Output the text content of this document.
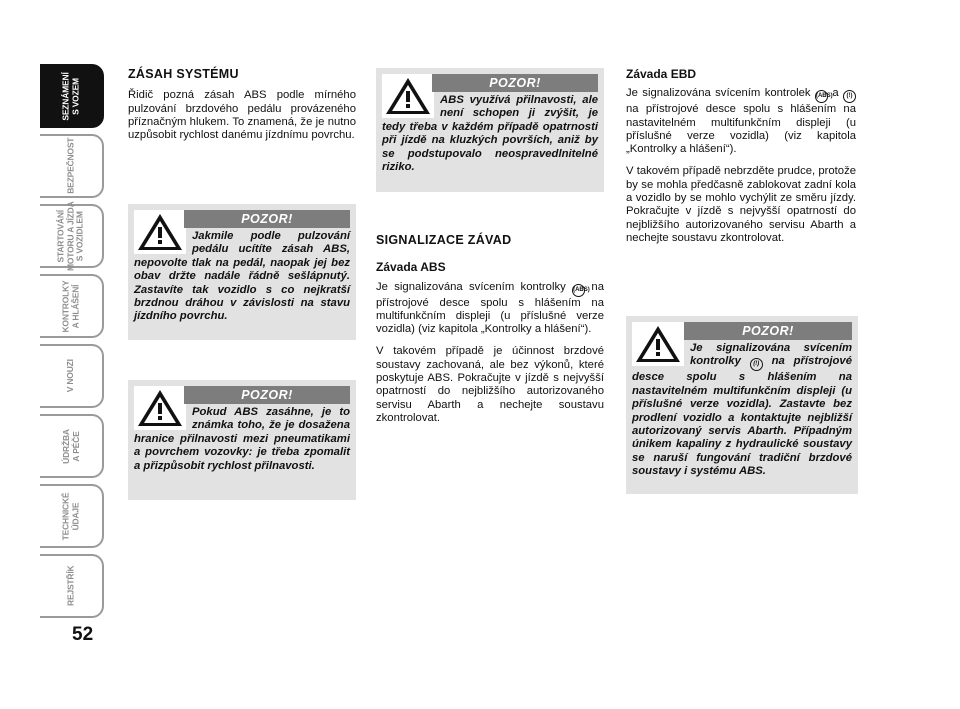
SEZNÁMENÍ
S VOZEM
BEZPEČNOST
STARTOVÁNÍ
MOTORU A JÍZDA
S VOZIDLEM
KONTROLKY
A HLÁŠENÍ
V NOUZI
ÚDRŽBA
A PÉČE
TECHNICKÉ
ÚDAJE
REJSTŘÍK
52
ZÁSAH SYSTÉMU

Řidič pozná zásah ABS podle mírného pulzování brzdového pedálu provázeného příznačným hlukem. To znamená, že je nutno uzpůsobit rychlost danému jízdnímu povrchu.

POZOR!

Jakmile podle pulzování pedálu ucítíte zásah ABS, nepovolte tlak na pedál, naopak jej bez obav držte nadále řádně sešlápnutý. Zastavíte tak vozidlo s co nejkratší brzdnou dráhou v závislosti na stavu jízdního povrchu.

POZOR!

Pokud ABS zasáhne, je to známka toho, že je dosažena hranice přilnavosti mezi pneumatikami a povrchem vozovky: je třeba zpomalit a přizpůsobit rychlost přilnavosti.

POZOR!

ABS využívá přilnavosti, ale není schopen ji zvýšit, je tedy třeba v každém případě opatrnosti při jízdě na kluzkých površích, aniž by se podstupovalo neospravedlnitelné riziko.

SIGNALIZACE ZÁVAD
Závada ABS

Je signalizována svícením kontrolky (ABS) na přístrojové desce spolu s hlášením na multifunkčním displeji (u příslušné verze vozidla) (viz kapitola „Kontrolky a hlášení“).

V takovém případě je účinnost brzdové soustavy zachovaná, ale bez výkonů, které poskytuje ABS. Pokračujte v jízdě s nejvyšší opatrností do nejbližšího autorizovaného servisu Abarth a nechejte soustavu zkontrolovat.

Závada EBD

Je signalizována svícením kontrolek (ABS) a (!) na přístrojové desce spolu s hlášením na nastavitelném multifunkčním displeji (u příslušné verze vozidla) (viz kapitola „Kontrolky a hlášení“).

V takovém případě nebrzděte prudce, protože by se mohla předčasně zablokovat zadní kola a vozidlo by se mohlo vychýlit ze směru jízdy. Pokračujte v jízdě s nejvyšší opatrností do nejbližšího autorizovaného servisu Abarth a nechejte soustavu zkontrolovat.

POZOR!

Je signalizována svícením kontrolky (!) na přístrojové desce spolu s hlášením na nastavitelném multifunkčním displeji (u příslušné verze vozidla). Zastavte bez prodlení vozidlo a kontaktujte nejbližší autorizovaný servis Abarth. Případným únikem kapaliny z hydraulické soustavy se naruší fungování tradiční brzdové soustavy i systému ABS.
